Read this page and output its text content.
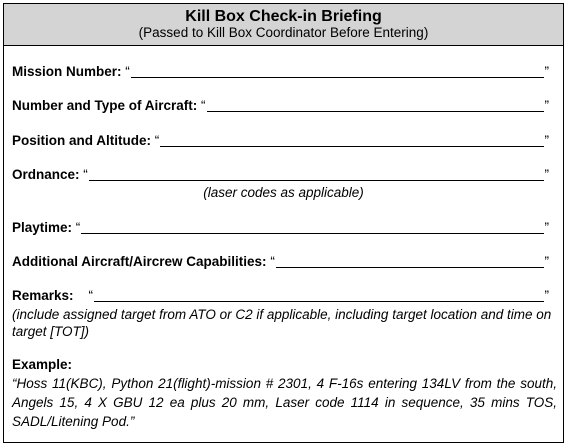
Kill Box Check-in Briefing
(Passed to Kill Box Coordinator Before Entering)
Mission Number: “	”
Number and Type of Aircraft: “	”
Position and Altitude: “	”
Ordnance: “	”
(laser codes as applicable)
Playtime: “	”
Additional Aircraft/Aircrew Capabilities: “	”
Remarks: “	”
(include assigned target from ATO or C2 if applicable, including target location and time on target [TOT])
Example:
“Hoss 11(KBC), Python 21(flight)-mission # 2301, 4 F-16s entering 134LV from the south, Angels 15, 4 X GBU 12 ea plus 20 mm, Laser code 1114 in sequence, 35 mins TOS, SADL/Litening Pod.”
